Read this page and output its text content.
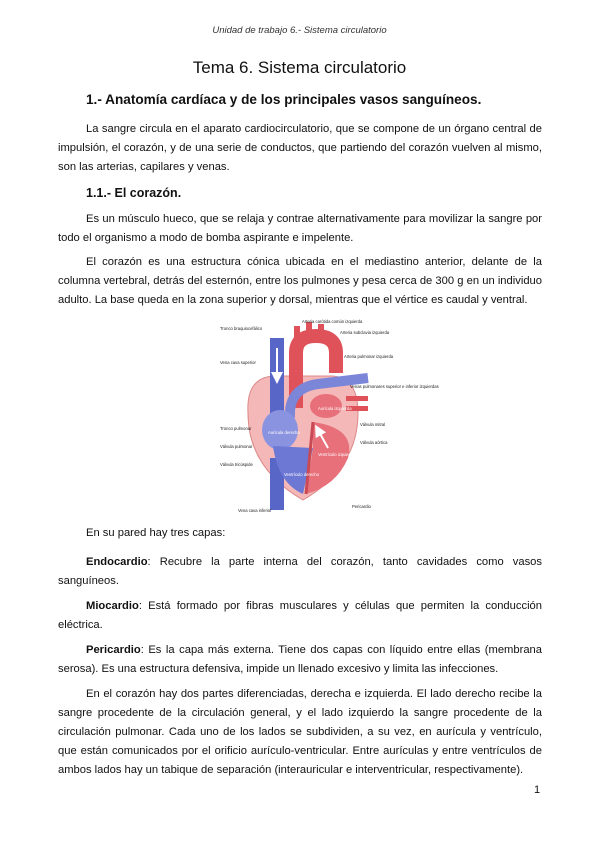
Unidad de trabajo 6.- Sistema circulatorio
Tema 6. Sistema circulatorio
1.- Anatomía cardíaca y de los principales vasos sanguíneos.

La sangre circula en el aparato cardiocirculatorio, que se compone de un órgano central de impulsión, el corazón, y de una serie de conductos, que partiendo del corazón vuelven al mismo, son las arterias, capilares y venas.

1.1.- El corazón.

Es un músculo hueco, que se relaja y contrae alternativamente para movilizar la sangre por todo el organismo a modo de bomba aspirante e impelente.

El corazón es una estructura cónica ubicada en el mediastino anterior, delante de la columna vertebral, detrás del esternón, entre los pulmones y pesa cerca de 300 g en un individuo adulto. La base queda en la zona superior y dorsal, mientras que el vértice es caudal y ventral.

Tronco braquiocefálico
Arteria carótida común izquierda
Arteria subclavia izquierda
Arteria pulmonar izquierda
Vena cava superior	Aorta
Venas pulmonares superior e inferior izquierdas
Aurícula izquierda
Tronco pulmonar
Aurícula derecha
Válvula mitral
Válvula pulmonar
Válvula aórtica
Ventrículo izquierdo
Válvula tricúspide
Ventrículo derecho
Vena cava inferior
Pericardio

En su pared hay tres capas:

Endocardio: Recubre la parte interna del corazón, tanto cavidades como vasos sanguíneos.

Miocardio: Está formado por fibras musculares y células que permiten la conducción eléctrica.

Pericardio: Es la capa más externa. Tiene dos capas con líquido entre ellas (membrana serosa). Es una estructura defensiva, impide un llenado excesivo y limita las infecciones.

En el corazón hay dos partes diferenciadas, derecha e izquierda. El lado derecho recibe la sangre procedente de la circulación general, y el lado izquierdo la sangre procedente de la circulación pulmonar. Cada uno de los lados se subdividen, a su vez, en aurícula y ventrículo, que están comunicados por el orificio aurículo-ventricular. Entre aurículas y entre ventrículos de ambos lados hay un tabique de separación (interauricular e interventricular, respectivamente).

1
